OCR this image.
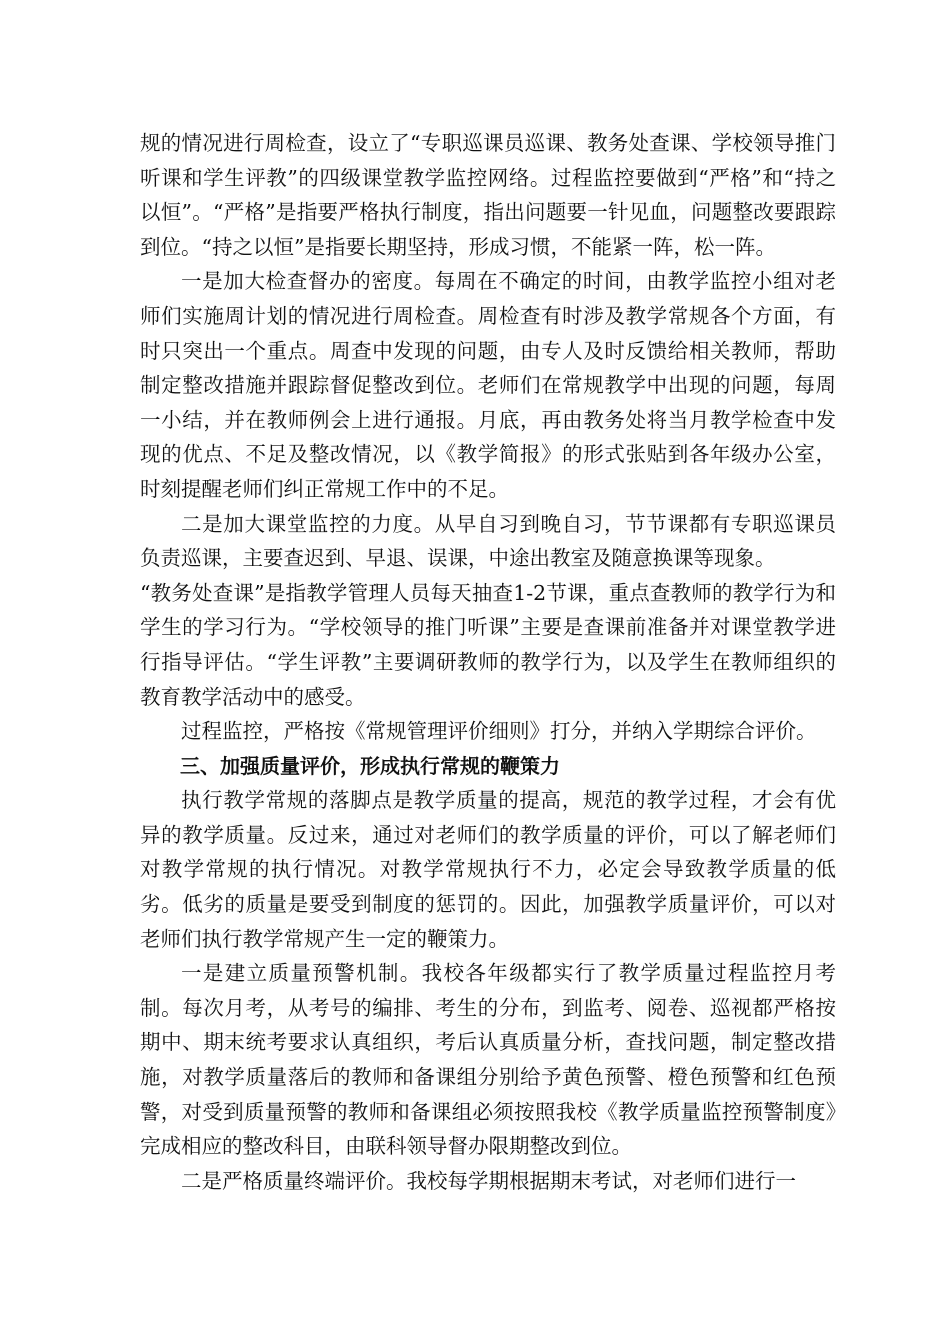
规的情况进行周检查，设立了“专职巡课员巡课、教务处查课、学校领导推门听课和学生评教”的四级课堂教学监控网络。过程监控要做到“严格”和“持之以恒”。“严格”是指要严格执行制度，指出问题要一针见血，问题整改要跟踪到位。“持之以恒”是指要长期坚持，形成习惯，不能紧一阵，松一阵。

一是加大检查督办的密度。每周在不确定的时间，由教学监控小组对老师们实施周计划的情况进行周检查。周检查有时涉及教学常规各个方面，有时只突出一个重点。周查中发现的问题，由专人及时反馈给相关教师，帮助制定整改措施并跟踪督促整改到位。老师们在常规教学中出现的问题，每周一小结，并在教师例会上进行通报。月底，再由教务处将当月教学检查中发现的优点、不足及整改情况，以《教学简报》的形式张贴到各年级办公室，时刻提醒老师们纠正常规工作中的不足。

二是加大课堂监控的力度。从早自习到晚自习，节节课都有专职巡课员负责巡课，主要查迟到、早退、误课，中途出教室及随意换课等现象。

“教务处查课”是指教学管理人员每天抽查1-2节课，重点查教师的教学行为和学生的学习行为。“学校领导的推门听课”主要是查课前准备并对课堂教学进行指导评估。“学生评教”主要调研教师的教学行为，以及学生在教师组织的教育教学活动中的感受。

过程监控，严格按《常规管理评价细则》打分，并纳入学期综合评价。

三、加强质量评价，形成执行常规的鞭策力

执行教学常规的落脚点是教学质量的提高，规范的教学过程，才会有优异的教学质量。反过来，通过对老师们的教学质量的评价，可以了解老师们对教学常规的执行情况。对教学常规执行不力，必定会导致教学质量的低劣。低劣的质量是要受到制度的惩罚的。因此，加强教学质量评价，可以对老师们执行教学常规产生一定的鞭策力。

一是建立质量预警机制。我校各年级都实行了教学质量过程监控月考制。每次月考，从考号的编排、考生的分布，到监考、阅卷、巡视都严格按期中、期末统考要求认真组织，考后认真质量分析，查找问题，制定整改措施，对教学质量落后的教师和备课组分别给予黄色预警、橙色预警和红色预警，对受到质量预警的教师和备课组必须按照我校《教学质量监控预警制度》完成相应的整改科目，由联科领导督办限期整改到位。

二是严格质量终端评价。我校每学期根据期末考试，对老师们进行一
